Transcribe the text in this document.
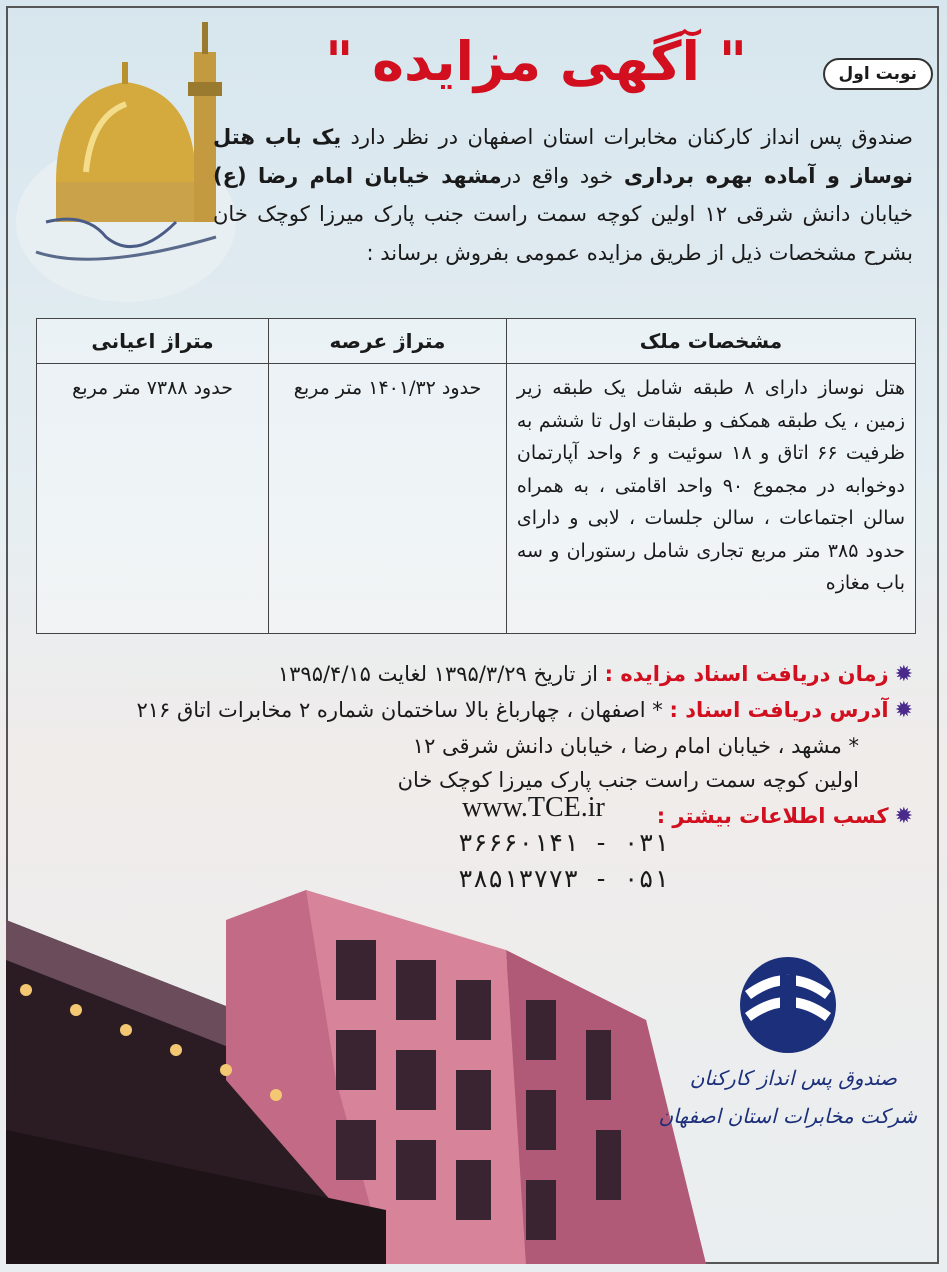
نوبت اول
" آگهی مزایده "
صندوق پس انداز کارکنان مخابرات استان اصفهان در نظر دارد یک باب هتل نوساز و آماده بهره برداری خود واقع درمشهد خیابان امام رضا (ع) خیابان دانش شرقی ۱۲ اولین کوچه سمت راست جنب پارک میرزا کوچک خان بشرح مشخصات ذیل از طریق مزایده عمومی بفروش برساند :
مشخصات ملک	متراژ عرصه	متراژ اعیانی
هتل نوساز دارای ۸ طبقه شامل یک طبقه زیر زمین ، یک طبقه همکف و طبقات اول تا ششم به ظرفیت ۶۶ اتاق و ۱۸ سوئیت و ۶ واحد آپارتمان دوخوابه در مجموع ۹۰ واحد اقامتی ، به همراه سالن اجتماعات ، سالن جلسات ، لابی و دارای حدود ۳۸۵ متر مربع تجاری شامل رستوران و سه باب مغازه	حدود ۱۴۰۱/۳۲ متر مربع	حدود ۷۳۸۸ متر مربع
✹زمان دریافت اسناد مزایده : از تاریخ ۱۳۹۵/۳/۲۹ لغایت ۱۳۹۵/۴/۱۵
✹آدرس دریافت اسناد : * اصفهان ، چهارباغ بالا ساختمان شماره ۲ مخابرات اتاق ۲۱۶
* مشهد ، خیابان امام رضا ، خیابان دانش شرقی ۱۲
اولین کوچه سمت راست جنب پارک میرزا کوچک خان
✹کسب اطلاعات بیشتر :
www.TCE.ir
۰۳۱ - ۳۶۶۶۰۱۴۱
۰۵۱ - ۳۸۵۱۳۷۷۳
صندوق پس انداز کارکنان
شرکت مخابرات استان اصفهان
